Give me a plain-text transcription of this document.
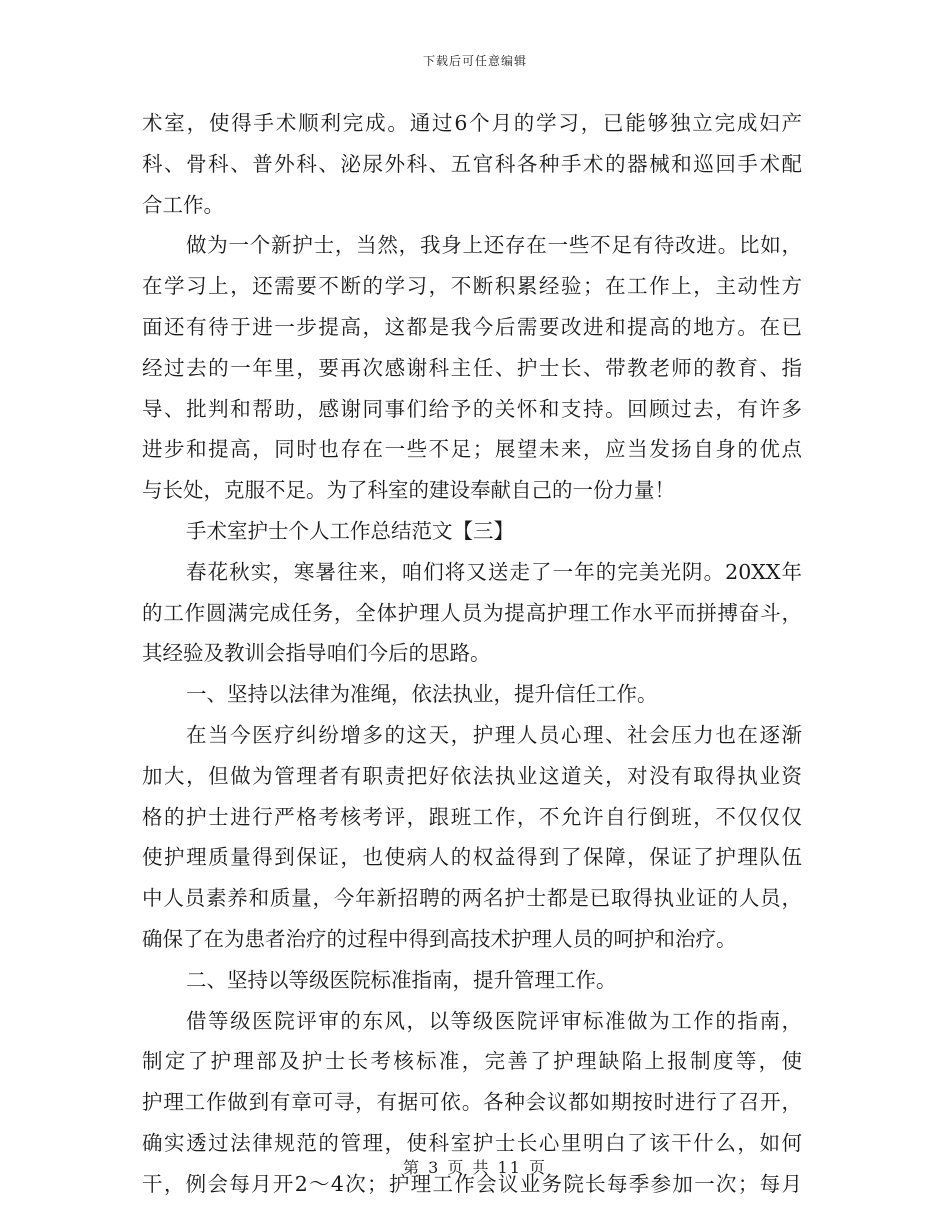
下载后可任意编辑
术室，使得手术顺利完成。通过6个月的学习，已能够独立完成妇产
科、骨科、普外科、泌尿外科、五官科各种手术的器械和巡回手术配
合工作。
做为一个新护士，当然，我身上还存在一些不足有待改进。比如，
在学习上，还需要不断的学习，不断积累经验；在工作上，主动性方
面还有待于进一步提高，这都是我今后需要改进和提高的地方。在已
经过去的一年里，要再次感谢科主任、护士长、带教老师的教育、指
导、批判和帮助，感谢同事们给予的关怀和支持。回顾过去，有许多
进步和提高，同时也存在一些不足；展望未来，应当发扬自身的优点
与长处，克服不足。为了科室的建设奉献自己的一份力量！
手术室护士个人工作总结范文【三】
春花秋实，寒暑往来，咱们将又送走了一年的完美光阴。20XX年
的工作圆满完成任务，全体护理人员为提高护理工作水平而拼搏奋斗，
其经验及教训会指导咱们今后的思路。
一、坚持以法律为准绳，依法执业，提升信任工作。
在当今医疗纠纷增多的这天，护理人员心理、社会压力也在逐渐
加大，但做为管理者有职责把好依法执业这道关，对没有取得执业资
格的护士进行严格考核考评，跟班工作，不允许自行倒班，不仅仅仅
使护理质量得到保证，也使病人的权益得到了保障，保证了护理队伍
中人员素养和质量，今年新招聘的两名护士都是已取得执业证的人员，
确保了在为患者治疗的过程中得到高技术护理人员的呵护和治疗。
二、坚持以等级医院标准指南，提升管理工作。
借等级医院评审的东风，以等级医院评审标准做为工作的指南，
制定了护理部及护士长考核标准，完善了护理缺陷上报制度等，使
护理工作做到有章可寻，有据可依。各种会议都如期按时进行了召开，
确实透过法律规范的管理，使科室护士长心里明白了该干什么，如何
干，例会每月开2～4次；护理工作会议业务院长每季参加一次；每月
第 3 页 共 11 页
